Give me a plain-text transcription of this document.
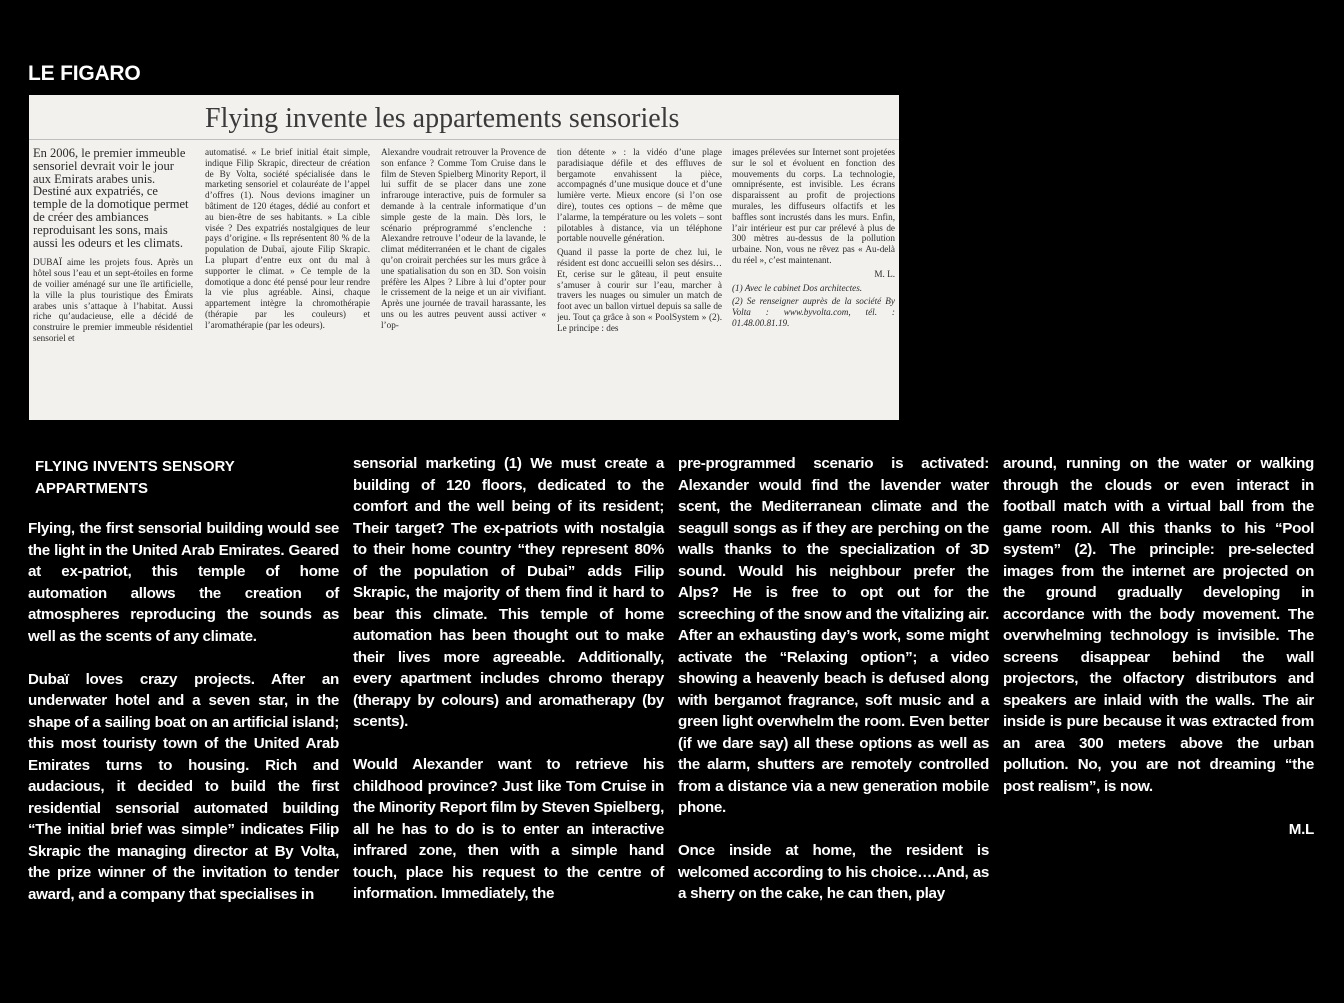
LE FIGARO
Flying invente les appartements sensoriels

En 2006, le premier immeuble sensoriel devrait voir le jour aux Emirats arabes unis. Destiné aux expatriés, ce temple de la domotique permet de créer des ambiances reproduisant les sons, mais aussi les odeurs et les climats.

DUBAÏ aime les projets fous. Après un hôtel sous l’eau et un sept-étoiles en forme de voilier aménagé sur une île artificielle, la ville la plus touristique des Émirats arabes unis s’attaque à l’habitat. Aussi riche qu’audacieuse, elle a décidé de construire le premier immeuble résidentiel sensoriel et

automatisé. « Le brief initial était simple, indique Filip Skrapic, directeur de création de By Volta, société spécialisée dans le marketing sensoriel et colauréate de l’appel d’offres (1). Nous devions imaginer un bâtiment de 120 étages, dédié au confort et au bien-être de ses habitants. » La cible visée ? Des expatriés nostalgiques de leur pays d’origine. « Ils représentent 80 % de la population de Dubaï, ajoute Filip Skrapic. La plupart d’entre eux ont du mal à supporter le climat. » Ce temple de la domotique a donc été pensé pour leur rendre la vie plus agréable. Ainsi, chaque appartement intègre la chromothérapie (thérapie par les couleurs) et l’aromathérapie (par les odeurs).

Alexandre voudrait retrouver la Provence de son enfance ? Comme Tom Cruise dans le film de Steven Spielberg Minority Report, il lui suffit de se placer dans une zone infrarouge interactive, puis de formuler sa demande à la centrale informatique d’un simple geste de la main. Dès lors, le scénario préprogrammé s’enclenche : Alexandre retrouve l’odeur de la lavande, le climat méditerranéen et le chant de cigales qu’on croirait perchées sur les murs grâce à une spatialisation du son en 3D. Son voisin préfère les Alpes ? Libre à lui d’opter pour le crissement de la neige et un air vivifiant. Après une journée de travail harassante, les uns ou les autres peuvent aussi activer « l’op-

tion détente » : la vidéo d’une plage paradisiaque défile et des effluves de bergamote envahissent la pièce, accompagnés d’une musique douce et d’une lumière verte. Mieux encore (si l’on ose dire), toutes ces options – de même que l’alarme, la température ou les volets – sont pilotables à distance, via un téléphone portable nouvelle génération.

Quand il passe la porte de chez lui, le résident est donc accueilli selon ses désirs… Et, cerise sur le gâteau, il peut ensuite s’amuser à courir sur l’eau, marcher à travers les nuages ou simuler un match de foot avec un ballon virtuel depuis sa salle de jeu. Tout ça grâce à son « PoolSystem » (2). Le principe : des

images prélevées sur Internet sont projetées sur le sol et évoluent en fonction des mouvements du corps. La technologie, omniprésente, est invisible. Les écrans disparaissent au profit de projections murales, les diffuseurs olfactifs et les baffles sont incrustés dans les murs. Enfin, l’air intérieur est pur car prélevé à plus de 300 mètres au-dessus de la pollution urbaine. Non, vous ne rêvez pas « Au-delà du réel », c’est maintenant.

M. L.

(1) Avec le cabinet Dos architectes.

(2) Se renseigner auprès de la société By Volta : www.byvolta.com, tél. : 01.48.00.81.19.

FLYING INVENTS SENSORY APPARTMENTS

Flying, the first sensorial building would see the light in the United Arab Emirates. Geared at ex-patriot, this temple of home automation allows the creation of atmospheres reproducing the sounds as well as the scents of any climate.

Dubaï loves crazy projects. After an underwater hotel and a seven star, in the shape of a sailing boat on an artificial island; this most touristy town of the United Arab Emirates turns to housing. Rich and audacious, it decided to build the first residential sensorial automated building “The initial brief was simple” indicates Filip Skrapic the managing director at By Volta, the prize winner of the invitation to tender award, and a company that specialises in

sensorial marketing (1) We must create a building of 120 floors, dedicated to the comfort and the well being of its resident; Their target? The ex-patriots with nostalgia to their home country “they represent 80% of the population of Dubai” adds Filip Skrapic, the majority of them find it hard to bear this climate. This temple of home automation has been thought out to make their lives more agreeable. Additionally, every apartment includes chromo therapy (therapy by colours) and aromatherapy (by scents).

Would Alexander want to retrieve his childhood province? Just like Tom Cruise in the Minority Report film by Steven Spielberg, all he has to do is to enter an interactive infrared zone, then with a simple hand touch, place his request to the centre of information. Immediately, the

pre-programmed scenario is activated: Alexander would find the lavender water scent, the Mediterranean climate and the seagull songs as if they are perching on the walls thanks to the specialization of 3D sound. Would his neighbour prefer the Alps? He is free to opt out for the screeching of the snow and the vitalizing air. After an exhausting day’s work, some might activate the “Relaxing option”; a video showing a heavenly beach is defused along with bergamot fragrance, soft music and a green light overwhelm the room. Even better (if we dare say) all these options as well as the alarm, shutters are remotely controlled from a distance via a new generation mobile phone.

Once inside at home, the resident is welcomed according to his choice….And, as a sherry on the cake, he can then, play

around, running on the water or walking through the clouds or even interact in football match with a virtual ball from the game room. All this thanks to his “Pool system” (2). The principle: pre-selected images from the internet are projected on the ground gradually developing in accordance with the body movement. The overwhelming technology is invisible. The screens disappear behind the wall projectors, the olfactory distributors and speakers are inlaid with the walls. The air inside is pure because it was extracted from an area 300 meters above the urban pollution. No, you are not dreaming “the post realism”, is now.

M.L
